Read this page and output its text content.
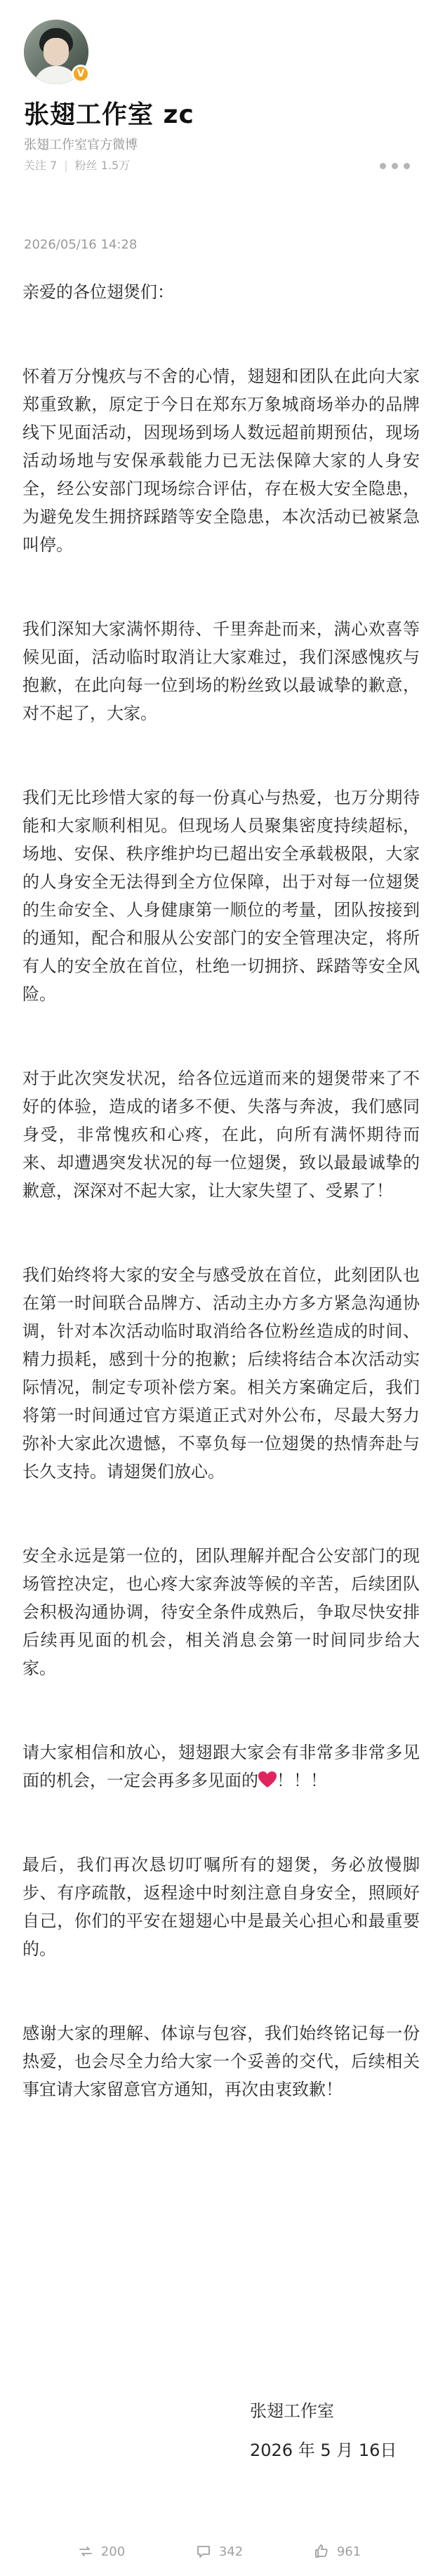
V
张翅工作室 zc
张翅工作室官方微博
关注 7 | 粉丝 1.5万
2026/05/16 14:28
亲爱的各位翅煲们：
怀着万分愧疚与不舍的心情，翅翅和团队在此向大家郑重致歉，原定于今日在郑东万象城商场举办的品牌线下见面活动，因现场到场人数远超前期预估，现场活动场地与安保承载能力已无法保障大家的人身安全，经公安部门现场综合评估，存在极大安全隐患，为避免发生拥挤踩踏等安全隐患，本次活动已被紧急叫停。
我们深知大家满怀期待、千里奔赴而来，满心欢喜等候见面，活动临时取消让大家难过，我们深感愧疚与抱歉，在此向每一位到场的粉丝致以最诚挚的歉意，对不起了，大家。
我们无比珍惜大家的每一份真心与热爱，也万分期待能和大家顺利相见。但现场人员聚集密度持续超标，场地、安保、秩序维护均已超出安全承载极限，大家的人身安全无法得到全方位保障，出于对每一位翅煲的生命安全、人身健康第一顺位的考量，团队按接到的通知，配合和服从公安部门的安全管理决定，将所有人的安全放在首位，杜绝一切拥挤、踩踏等安全风险。
对于此次突发状况，给各位远道而来的翅煲带来了不好的体验，造成的诸多不便、失落与奔波，我们感同身受，非常愧疚和心疼，在此，向所有满怀期待而来、却遭遇突发状况的每一位翅煲，致以最最诚挚的歉意，深深对不起大家，让大家失望了、受累了！
我们始终将大家的安全与感受放在首位，此刻团队也在第一时间联合品牌方、活动主办方多方紧急沟通协调，针对本次活动临时取消给各位粉丝造成的时间、精力损耗，感到十分的抱歉；后续将结合本次活动实际情况，制定专项补偿方案。相关方案确定后，我们将第一时间通过官方渠道正式对外公布，尽最大努力弥补大家此次遗憾，不辜负每一位翅煲的热情奔赴与长久支持。请翅煲们放心。
安全永远是第一位的，团队理解并配合公安部门的现场管控决定，也心疼大家奔波等候的辛苦，后续团队会积极沟通协调，待安全条件成熟后，争取尽快安排后续再见面的机会，相关消息会第一时间同步给大家。
请大家相信和放心，翅翅跟大家会有非常多非常多见面的机会，一定会再多多见面的 ！！！
最后，我们再次恳切叮嘱所有的翅煲，务必放慢脚步、有序疏散，返程途中时刻注意自身安全，照顾好自己，你们的平安在翅翅心中是最关心担心和最重要的。
感谢大家的理解、体谅与包容，我们始终铭记每一份热爱，也会尽全力给大家一个妥善的交代，后续相关事宜请大家留意官方通知，再次由衷致歉！
张翅工作室
2026 年 5 月 16日
200	342	961
